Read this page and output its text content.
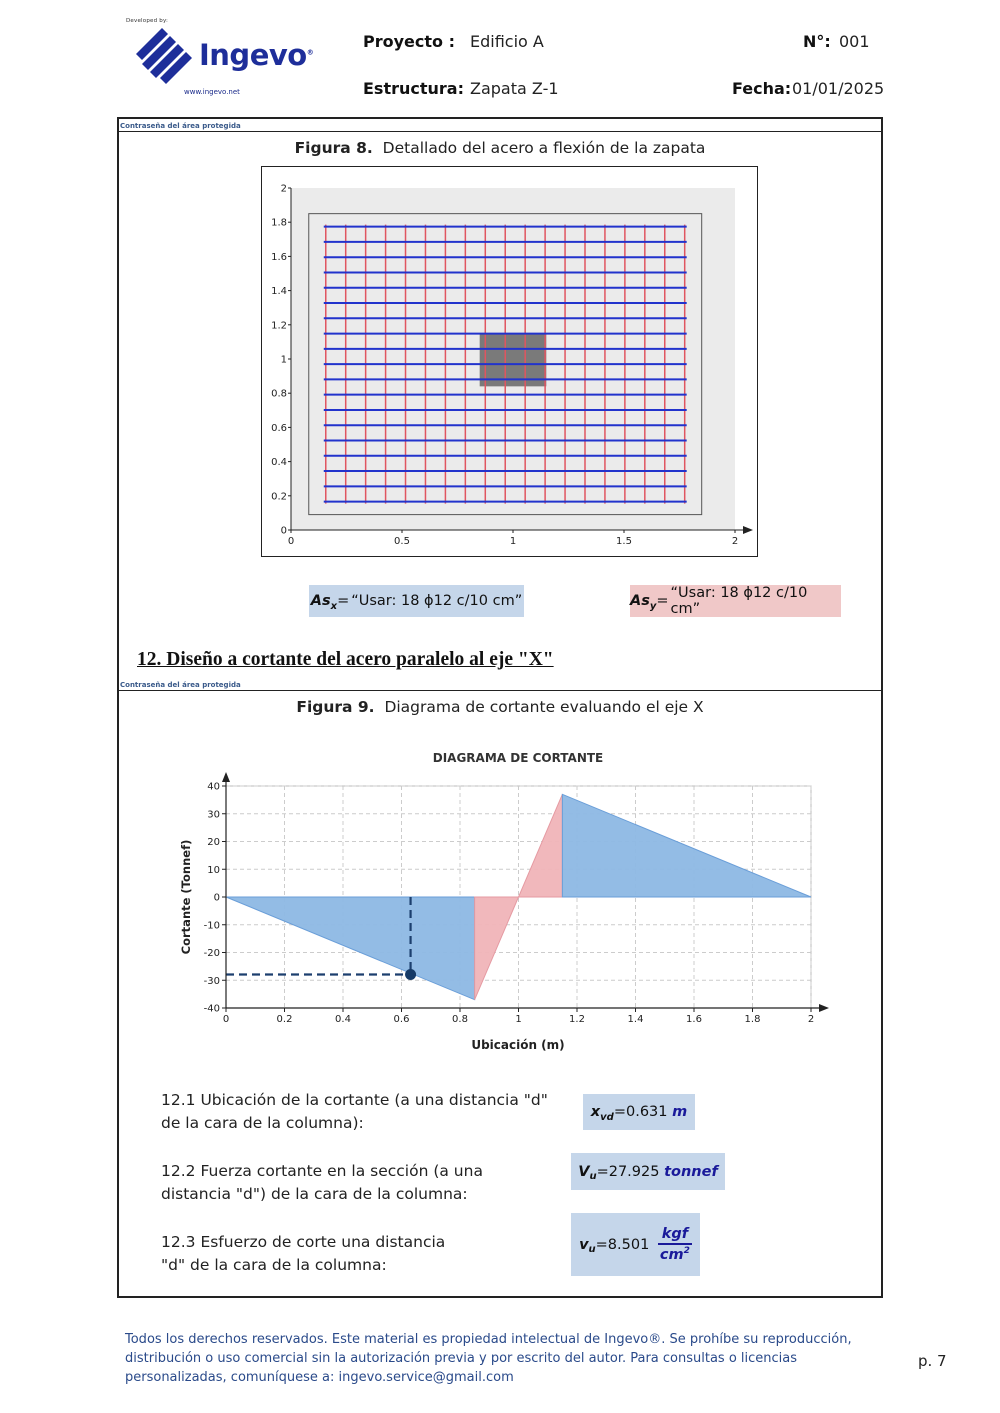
Developed by:
Ingevo®
www.ingevo.net
Proyecto : Edificio A	N°: 001
Estructura: Zapata Z-1	Fecha: 01/01/2025
Contraseña del área protegida
Figura 8. Detallado del acero a flexión de la zapata
0	0.5	1	1.5	2
0
0.2
0.4
0.6
0.8
1
1.2
1.4
1.6
1.8
2
As x = “Usar: 18 ϕ12 c/10 cm”	As y = “Usar: 18 ϕ12 c/10 cm”
12. Diseño a cortante del acero paralelo al eje "X"
Contraseña del área protegida
Figura 9. Diagrama de cortante evaluando el eje X
DIAGRAMA DE CORTANTE
0	0.2	0.4	0.6	0.8	1	1.2	1.4	1.6	1.8	2
40
30
20
10
0
-10
-20
-30
-40
Ubicación (m)
Cortante (Tonnef)
12.1 Ubicación de la cortante (a una distancia "d"
de la cara de la columna):
x vd = 0.631
m
12.2 Fuerza cortante en la sección (a una
distancia "d") de la cara de la columna:
V u = 27.925
tonnef
12.3 Esfuerzo de corte una distancia
"d" de la cara de la columna:
v u = 8.501

kgf
$cm^2$
Todos los derechos reservados. Este material es propiedad intelectual de Ingevo®. Se prohíbe su reproducción, distribución o uso comercial sin la autorización previa y por escrito del autor. Para consultas o licencias personalizadas, comuníquese a: ingevo.service@gmail.com
p. 7
